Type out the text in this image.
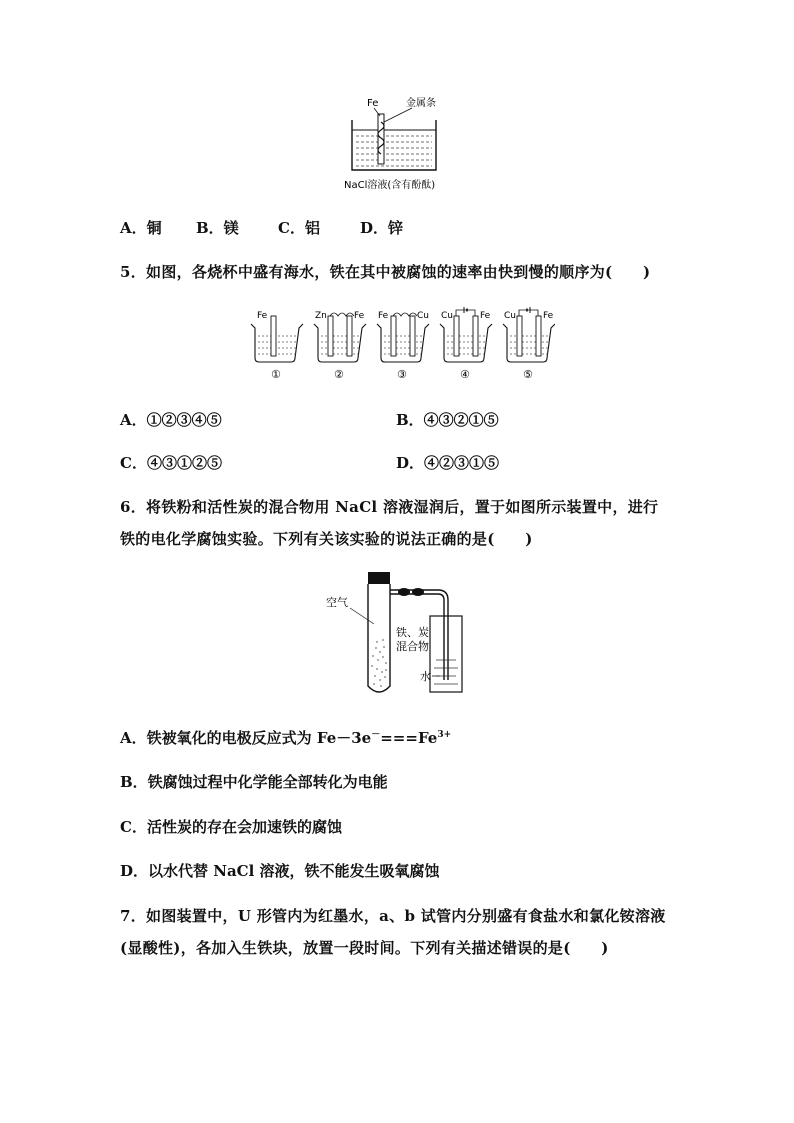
Fe	金属条
NaCl溶液(含有酚酞)
A．铜 B．镁	C．铝	D．锌
5．如图，各烧杯中盛有海水，铁在其中被腐蚀的速率由快到慢的顺序为(　　)
Fe
①
Zn	Fe
②
Fe	Cu
③
Cu	Fe
④
Cu	Fe
⑤
A．①②③④⑤	B．④③②①⑤
C．④③①②⑤	D．④②③①⑤
6．将铁粉和活性炭的混合物用 NaCl 溶液湿润后，置于如图所示装置中，进行
铁的电化学腐蚀实验。下列有关该实验的说法正确的是(　　)
空气
铁、炭
混合物
水
A．铁被氧化的电极反应式为 $Fe-3e^-===Fe^{3+}$
B．铁腐蚀过程中化学能全部转化为电能
C．活性炭的存在会加速铁的腐蚀
D．以水代替 NaCl 溶液，铁不能发生吸氧腐蚀
7．如图装置中，U 形管内为红墨水，a、b 试管内分别盛有食盐水和氯化铵溶液
(显酸性)，各加入生铁块，放置一段时间。下列有关描述错误的是(　　)
